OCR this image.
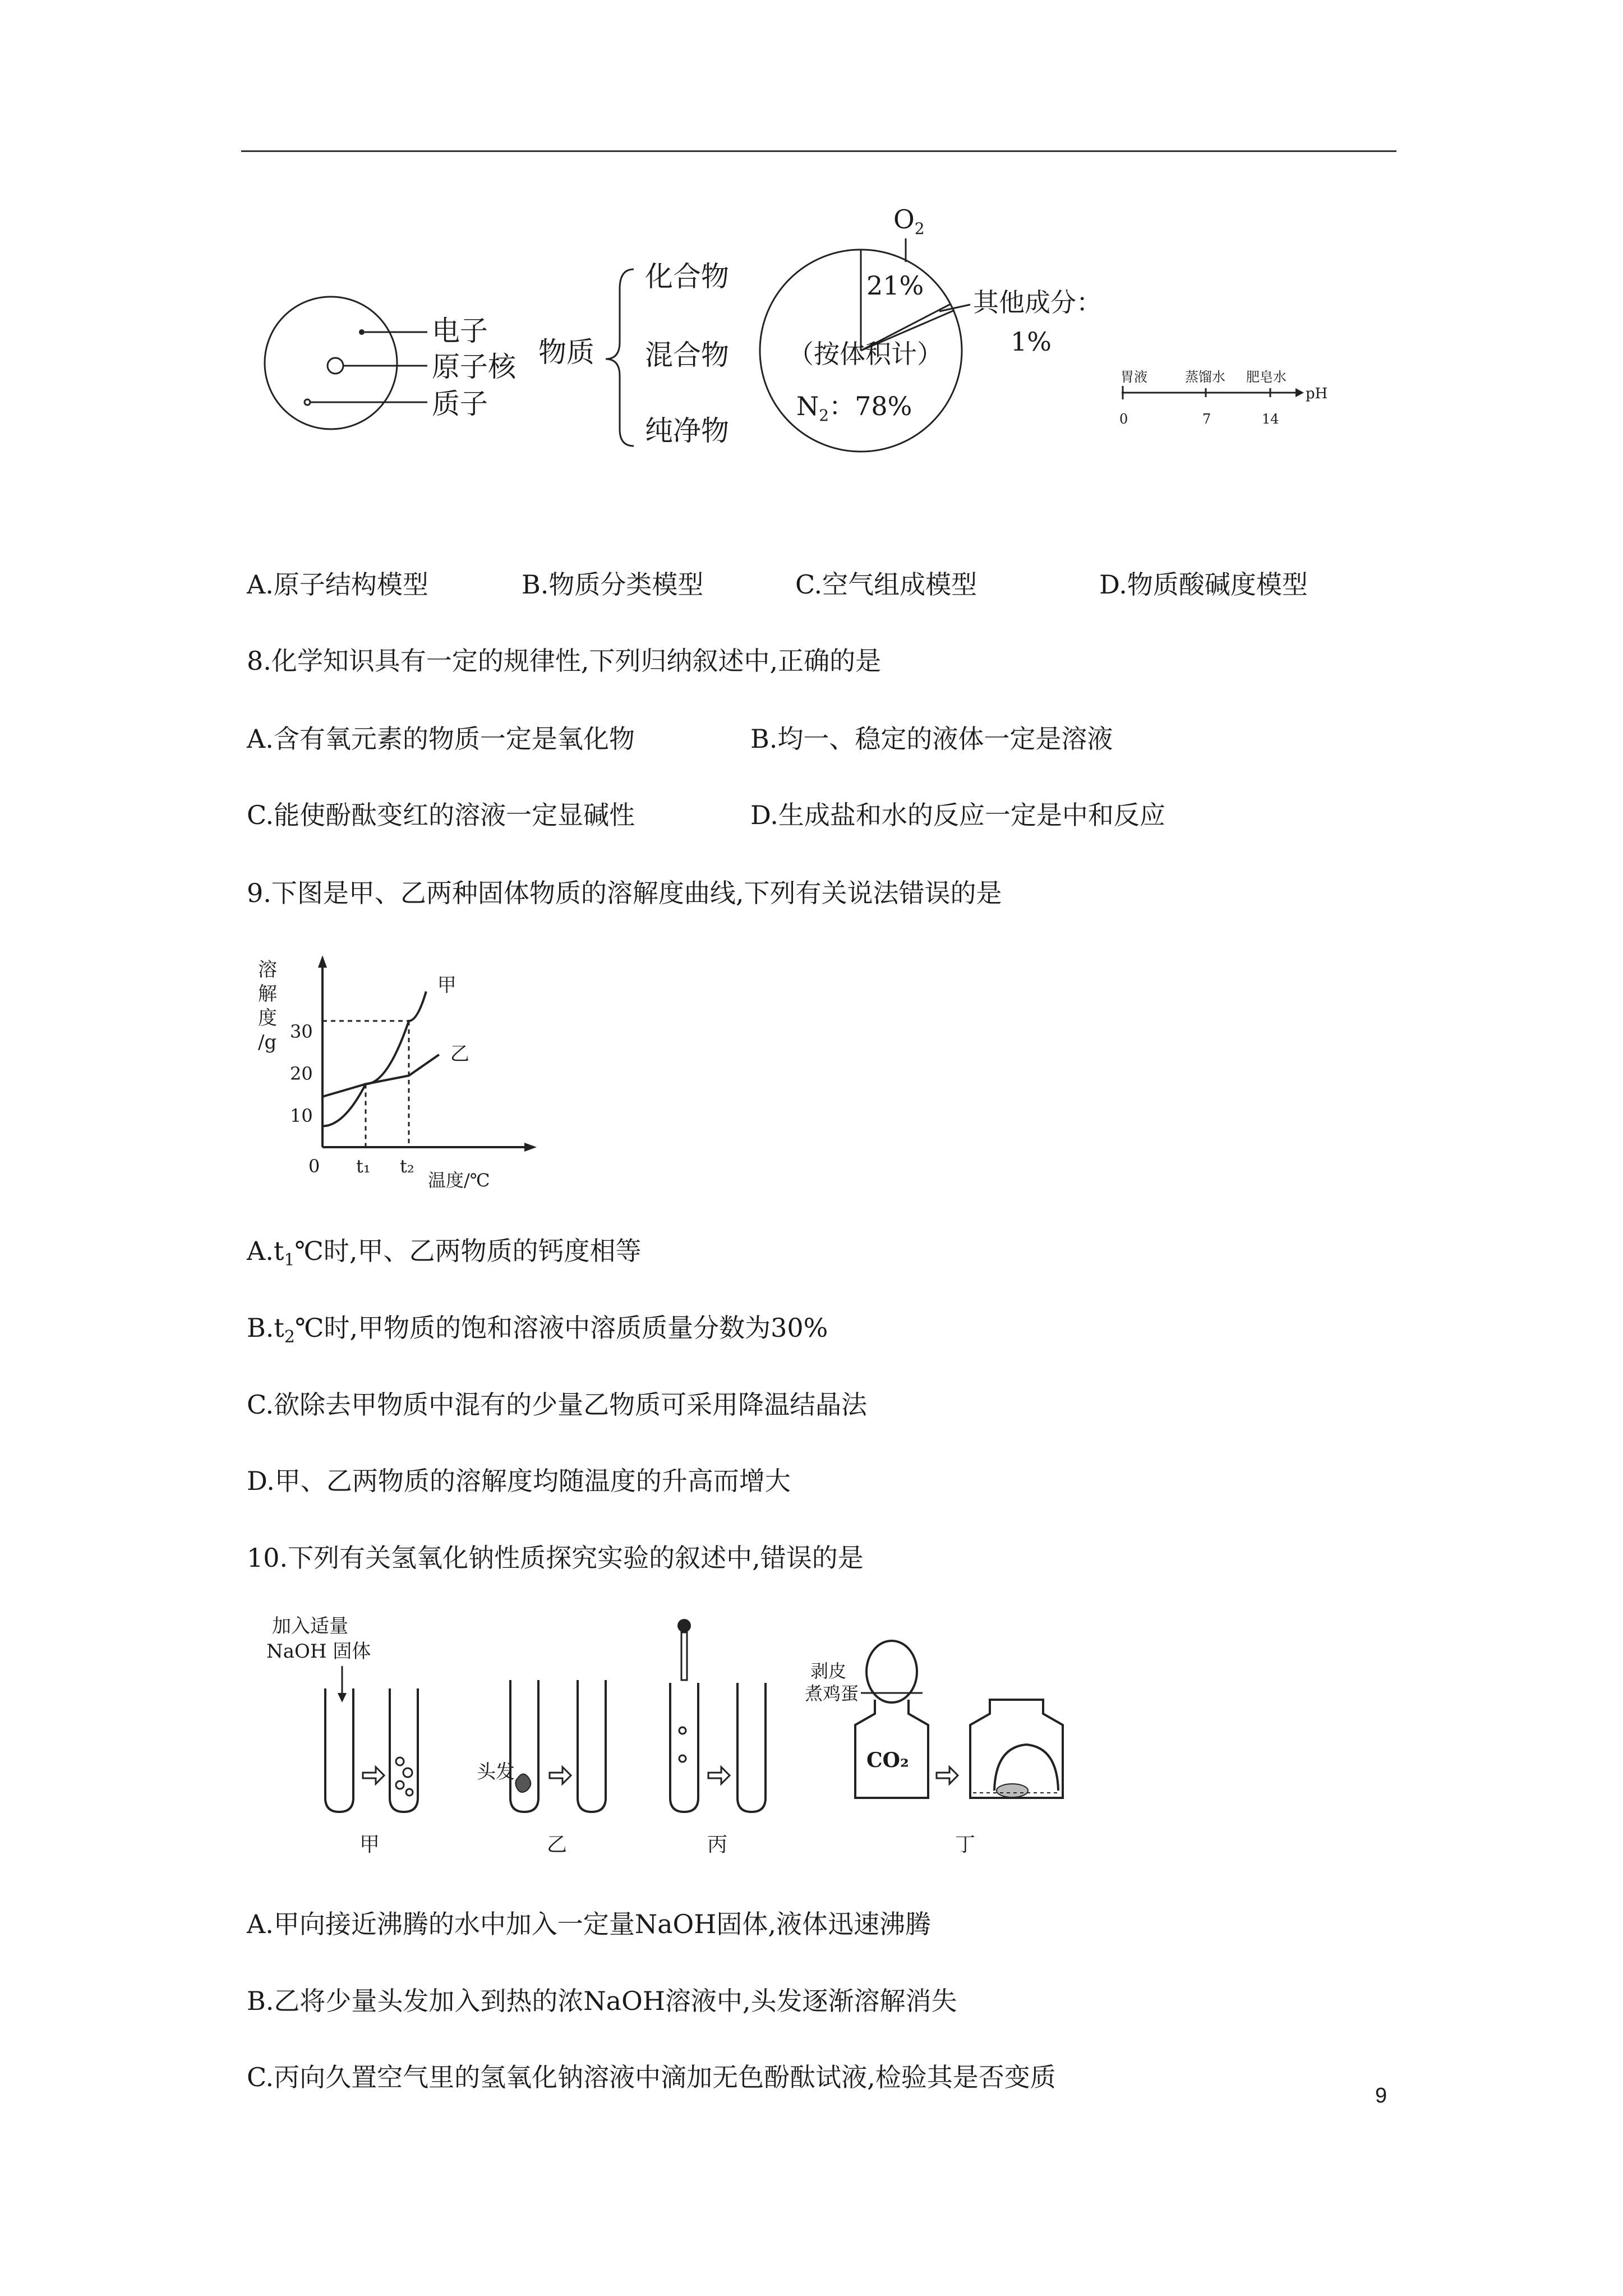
电子
原子核
质子
物质
化合物
混合物
纯净物
$O_2$
21%
其他成分：
1%
（按体积计）
$N_2$：78%
胃液	蒸馏水 肥皂水
pH
0	7	14
A.原子结构模型	B.物质分类模型	C.空气组成模型	D.物质酸碱度模型
8.化学知识具有一定的规律性,下列归纳叙述中,正确的是
A.含有氧元素的物质一定是氧化物	B.均一、稳定的液体一定是溶液
C.能使酚酞变红的溶液一定显碱性	D.生成盐和水的反应一定是中和反应
9.下图是甲、乙两种固体物质的溶解度曲线,下列有关说法错误的是
溶
解
度
/g 30
20
10
0 t₁ t₂
温度/℃
甲
乙
$A.t_1℃$时,甲、乙两物质的钙度相等
$B.t_2℃$时,甲物质的饱和溶液中溶质质量分数为30%
C.欲除去甲物质中混有的少量乙物质可采用降温结晶法
D.甲、乙两物质的溶解度均随温度的升高而增大
10.下列有关氢氧化钠性质探究实验的叙述中,错误的是
加入适量
NaOH 固体
甲
头发
乙	丙
剥皮
煮鸡蛋
CO₂
丁
A.甲向接近沸腾的水中加入一定量NaOH固体,液体迅速沸腾
B.乙将少量头发加入到热的浓NaOH溶液中,头发逐渐溶解消失
C.丙向久置空气里的氢氧化钠溶液中滴加无色酚酞试液,检验其是否变质
9
